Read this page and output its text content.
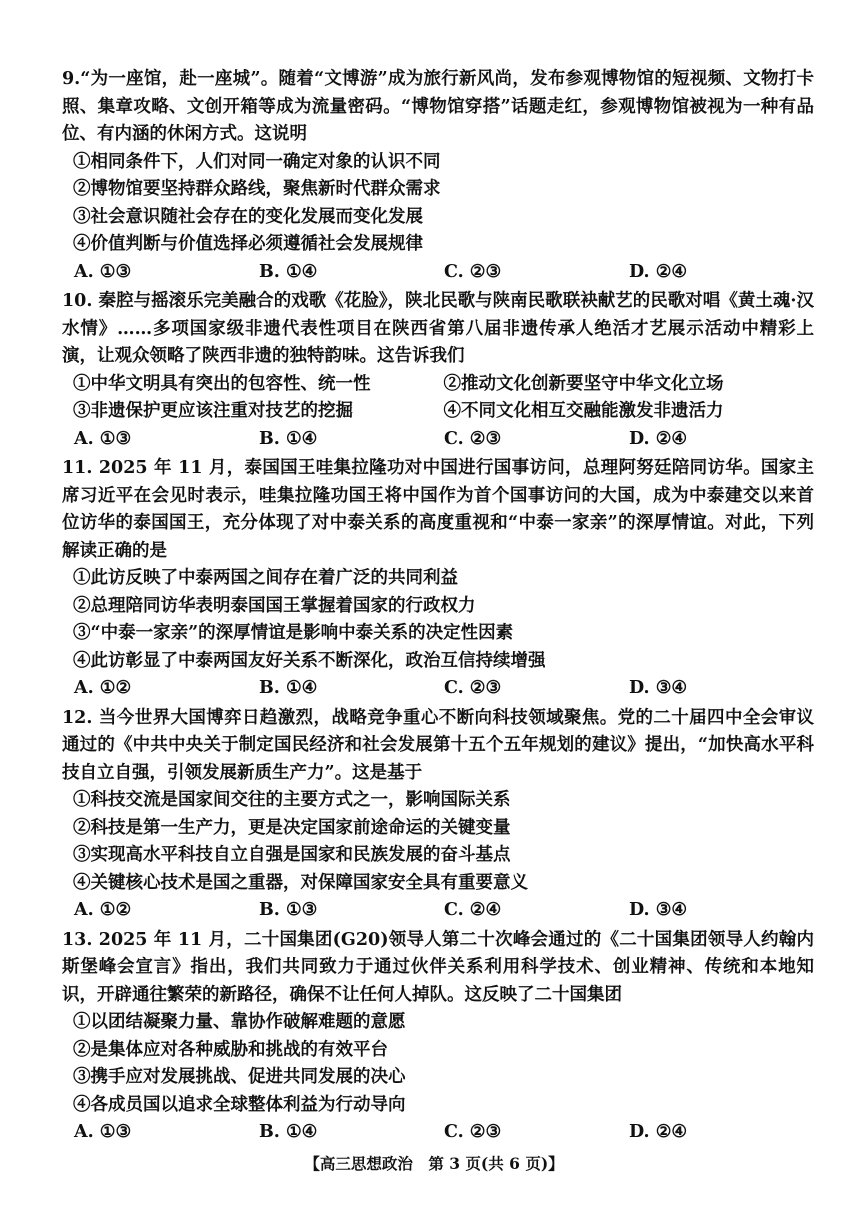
9.“为一座馆，赴一座城”。随着“文博游”成为旅行新风尚，发布参观博物馆的短视频、文物打卡照、集章攻略、文创开箱等成为流量密码。“博物馆穿搭”话题走红，参观博物馆被视为一种有品位、有内涵的休闲方式。这说明

①相同条件下，人们对同一确定对象的认识不同

②博物馆要坚持群众路线，聚焦新时代群众需求

③社会意识随社会存在的变化发展而变化发展

④价值判断与价值选择必须遵循社会发展规律

A. ①③	B. ①④	C. ②③	D. ②④

10. 秦腔与摇滚乐完美融合的戏歌《花脸》，陕北民歌与陕南民歌联袂献艺的民歌对唱《黄土魂·汉水情》……多项国家级非遗代表性项目在陕西省第八届非遗传承人绝活才艺展示活动中精彩上演，让观众领略了陕西非遗的独特韵味。这告诉我们

①中华文明具有突出的包容性、统一性	②推动文化创新要坚守中华文化立场
③非遗保护更应该注重对技艺的挖掘	④不同文化相互交融能激发非遗活力
A. ①③	B. ①④	C. ②③	D. ②④

11. 2025 年 11 月，泰国国王哇集拉隆功对中国进行国事访问，总理阿努廷陪同访华。国家主席习近平在会见时表示，哇集拉隆功国王将中国作为首个国事访问的大国，成为中泰建交以来首位访华的泰国国王，充分体现了对中泰关系的高度重视和“中泰一家亲”的深厚情谊。对此，下列解读正确的是

①此访反映了中泰两国之间存在着广泛的共同利益

②总理陪同访华表明泰国国王掌握着国家的行政权力

③“中泰一家亲”的深厚情谊是影响中泰关系的决定性因素

④此访彰显了中泰两国友好关系不断深化，政治互信持续增强

A. ①②	B. ①④	C. ②③	D. ③④

12. 当今世界大国博弈日趋激烈，战略竞争重心不断向科技领域聚焦。党的二十届四中全会审议通过的《中共中央关于制定国民经济和社会发展第十五个五年规划的建议》提出，“加快高水平科技自立自强，引领发展新质生产力”。这是基于

①科技交流是国家间交往的主要方式之一，影响国际关系

②科技是第一生产力，更是决定国家前途命运的关键变量

③实现高水平科技自立自强是国家和民族发展的奋斗基点

④关键核心技术是国之重器，对保障国家安全具有重要意义

A. ①②	B. ①③	C. ②④	D. ③④

13. 2025 年 11 月，二十国集团(G20)领导人第二十次峰会通过的《二十国集团领导人约翰内斯堡峰会宣言》指出，我们共同致力于通过伙伴关系利用科学技术、创业精神、传统和本地知识，开辟通往繁荣的新路径，确保不让任何人掉队。这反映了二十国集团

①以团结凝聚力量、靠协作破解难题的意愿

②是集体应对各种威胁和挑战的有效平台

③携手应对发展挑战、促进共同发展的决心

④各成员国以追求全球整体利益为行动导向

A. ①③	B. ①④	C. ②③	D. ②④
【高三思想政治　第 3 页(共 6 页)】
